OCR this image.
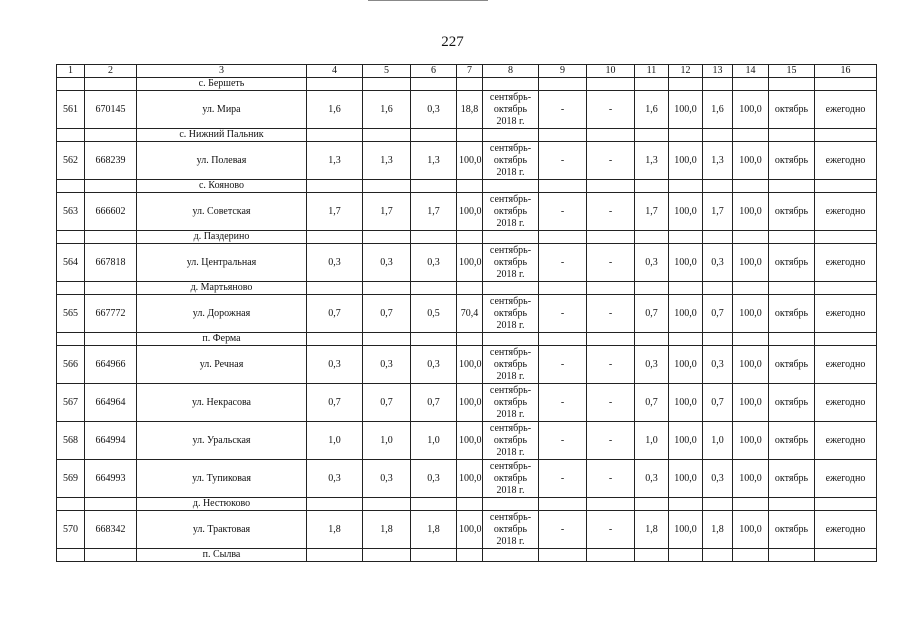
227
1	2	3	4	5	6	7	8	9	10	11	12	13	14	15	16
		с. Бершеть													
561	670145	ул. Мира	1,6	1,6	0,3	18,8	сентябрь-
октябрь
2018 г.	-	-	1,6	100,0	1,6	100,0	октябрь	ежегодно
		с. Нижний Пальник													
562	668239	ул. Полевая	1,3	1,3	1,3	100,0	сентябрь-
октябрь
2018 г.	-	-	1,3	100,0	1,3	100,0	октябрь	ежегодно
		с. Кояново													
563	666602	ул. Советская	1,7	1,7	1,7	100,0	сентябрь-
октябрь
2018 г.	-	-	1,7	100,0	1,7	100,0	октябрь	ежегодно
		д. Паздерино													
564	667818	ул. Центральная	0,3	0,3	0,3	100,0	сентябрь-
октябрь
2018 г.	-	-	0,3	100,0	0,3	100,0	октябрь	ежегодно
		д. Мартьяново													
565	667772	ул. Дорожная	0,7	0,7	0,5	70,4	сентябрь-
октябрь
2018 г.	-	-	0,7	100,0	0,7	100,0	октябрь	ежегодно
		п. Ферма													
566	664966	ул. Речная	0,3	0,3	0,3	100,0	сентябрь-
октябрь
2018 г.	-	-	0,3	100,0	0,3	100,0	октябрь	ежегодно
567	664964	ул. Некрасова	0,7	0,7	0,7	100,0	сентябрь-
октябрь
2018 г.	-	-	0,7	100,0	0,7	100,0	октябрь	ежегодно
568	664994	ул. Уральская	1,0	1,0	1,0	100,0	сентябрь-
октябрь
2018 г.	-	-	1,0	100,0	1,0	100,0	октябрь	ежегодно
569	664993	ул. Тупиковая	0,3	0,3	0,3	100,0	сентябрь-
октябрь
2018 г.	-	-	0,3	100,0	0,3	100,0	октябрь	ежегодно
		д. Нестюково													
570	668342	ул. Трактовая	1,8	1,8	1,8	100,0	сентябрь-
октябрь
2018 г.	-	-	1,8	100,0	1,8	100,0	октябрь	ежегодно
		п. Сылва													
